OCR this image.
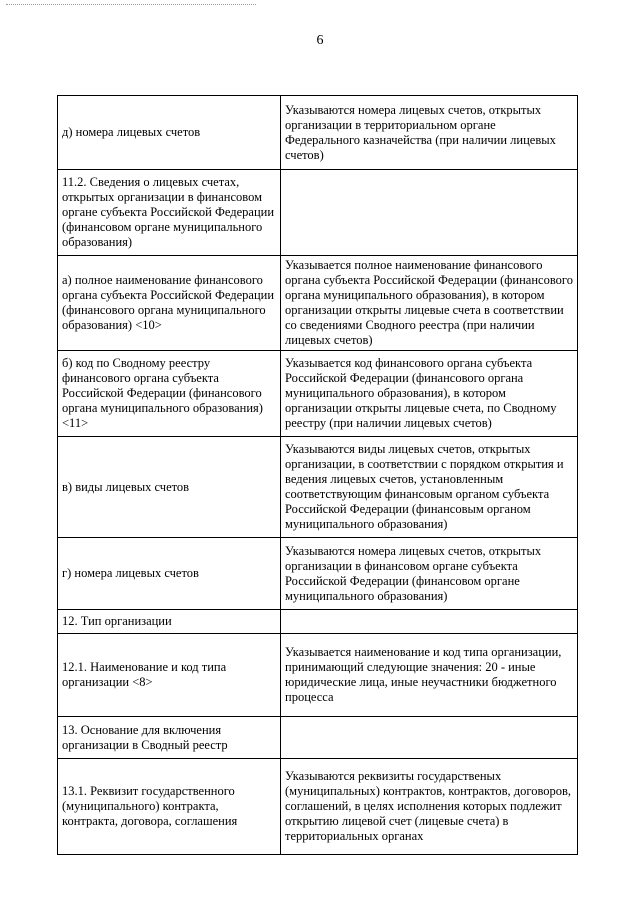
6
д) номера лицевых счетов	Указываются номера лицевых счетов, открытых организации в территориальном органе Федерального казначейства (при наличии лицевых счетов)
11.2. Сведения о лицевых счетах, открытых организации в финансовом органе субъекта Российской Федерации (финансовом органе муниципального образования)	
а) полное наименование финансового органа субъекта Российской Федерации (финансового органа муниципального образования) <10>	Указывается полное наименование финансового органа субъекта Российской Федерации (финансового органа муниципального образования), в котором организации открыты лицевые счета в соответствии со сведениями Сводного реестра (при наличии лицевых счетов)
б) код по Сводному реестру финансового органа субъекта Российской Федерации (финансового органа муниципального образования) <11>	Указывается код финансового органа субъекта Российской Федерации (финансового органа муниципального образования), в котором организации открыты лицевые счета, по Сводному реестру (при наличии лицевых счетов)
в) виды лицевых счетов	Указываются виды лицевых счетов, открытых организации, в соответствии с порядком открытия и ведения лицевых счетов, установленным соответствующим финансовым органом субъекта Российской Федерации (финансовым органом муниципального образования)
г) номера лицевых счетов	Указываются номера лицевых счетов, открытых организации в финансовом органе субъекта Российской Федерации (финансовом органе муниципального образования)
12. Тип организации	
12.1. Наименование и код типа организации <8>	Указывается наименование и код типа организации, принимающий следующие значения: 20 - иные юридические лица, иные неучастники бюджетного процесса
13. Основание для включения организации в Сводный реестр	
13.1. Реквизит государственного (муниципального) контракта, контракта, договора, соглашения	Указываются реквизиты государственых (муниципальных) контрактов, контрактов, договоров, соглашений, в целях исполнения которых подлежит открытию лицевой счет (лицевые счета) в территориальных органах
